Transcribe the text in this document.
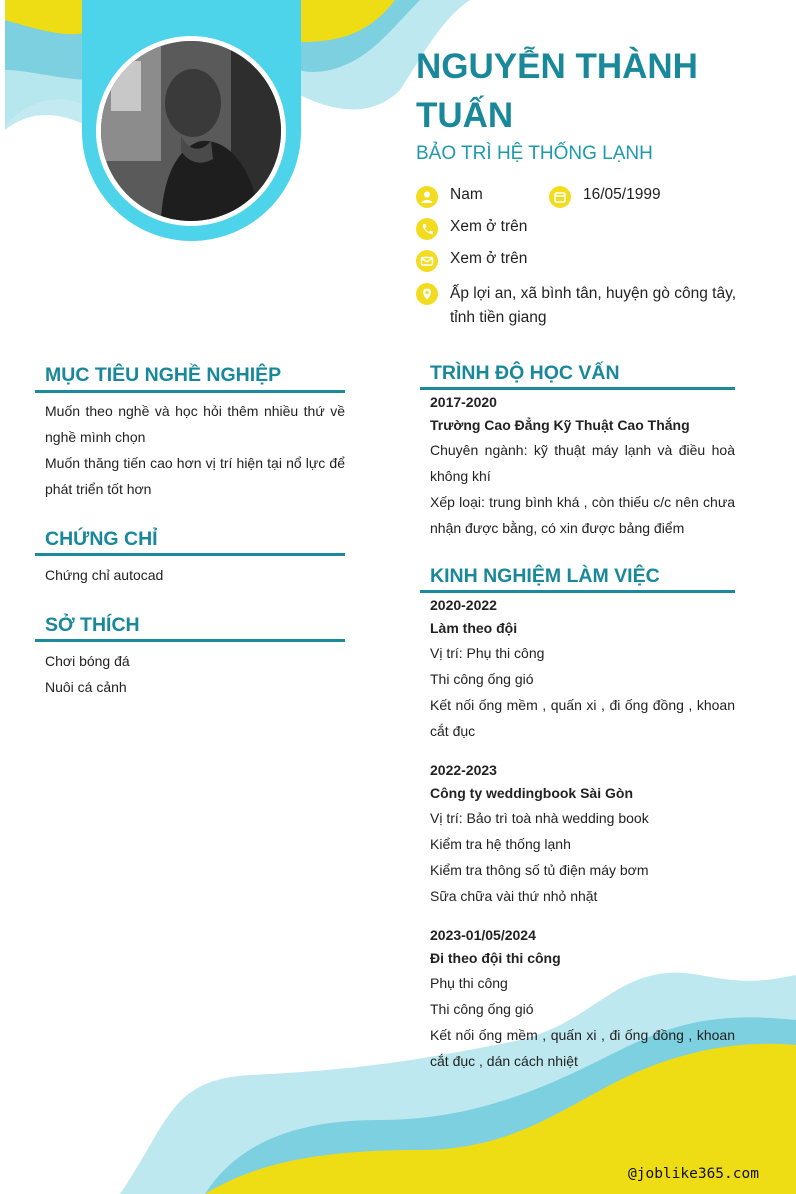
NGUYỄN THÀNH TUẤN
BẢO TRÌ HỆ THỐNG LẠNH
Nam	16/05/1999
Xem ở trên
Xem ở trên
Ấp lợi an, xã bình tân, huyện gò công tây, tỉnh tiền giang
MỤC TIÊU NGHỀ NGHIỆP
Muốn theo nghề và học hỏi thêm nhiều thứ về nghề mình chọn
Muốn thăng tiến cao hơn vị trí hiện tại nổ lực để phát triển tốt hơn
CHỨNG CHỈ
Chứng chỉ autocad
SỞ THÍCH
Chơi bóng đá
Nuôi cá cảnh
TRÌNH ĐỘ HỌC VẤN
2017-2020
Trường Cao Đẳng Kỹ Thuật Cao Thắng
Chuyên ngành: kỹ thuật máy lạnh và điều hoà không khí
Xếp loại: trung bình khá , còn thiếu c/c nên chưa nhận được bằng, có xin được bảng điểm
KINH NGHIỆM LÀM VIỆC
2020-2022
Làm theo đội
Vị trí: Phụ thi công
Thi công ống gió
Kết nối ống mềm , quấn xi , đi ống đồng , khoan cắt đục
2022-2023
Công ty weddingbook Sài Gòn
Vị trí: Bảo trì toà nhà wedding book
Kiểm tra hệ thống lạnh
Kiểm tra thông số tủ điện máy bơm
Sữa chữa vài thứ nhỏ nhặt
2023-01/05/2024
Đi theo đội thi công
Phụ thi công
Thi công ống gió
Kết nối ống mềm , quấn xi , đi ống đồng , khoan cắt đục , dán cách nhiệt
@joblike365.com
